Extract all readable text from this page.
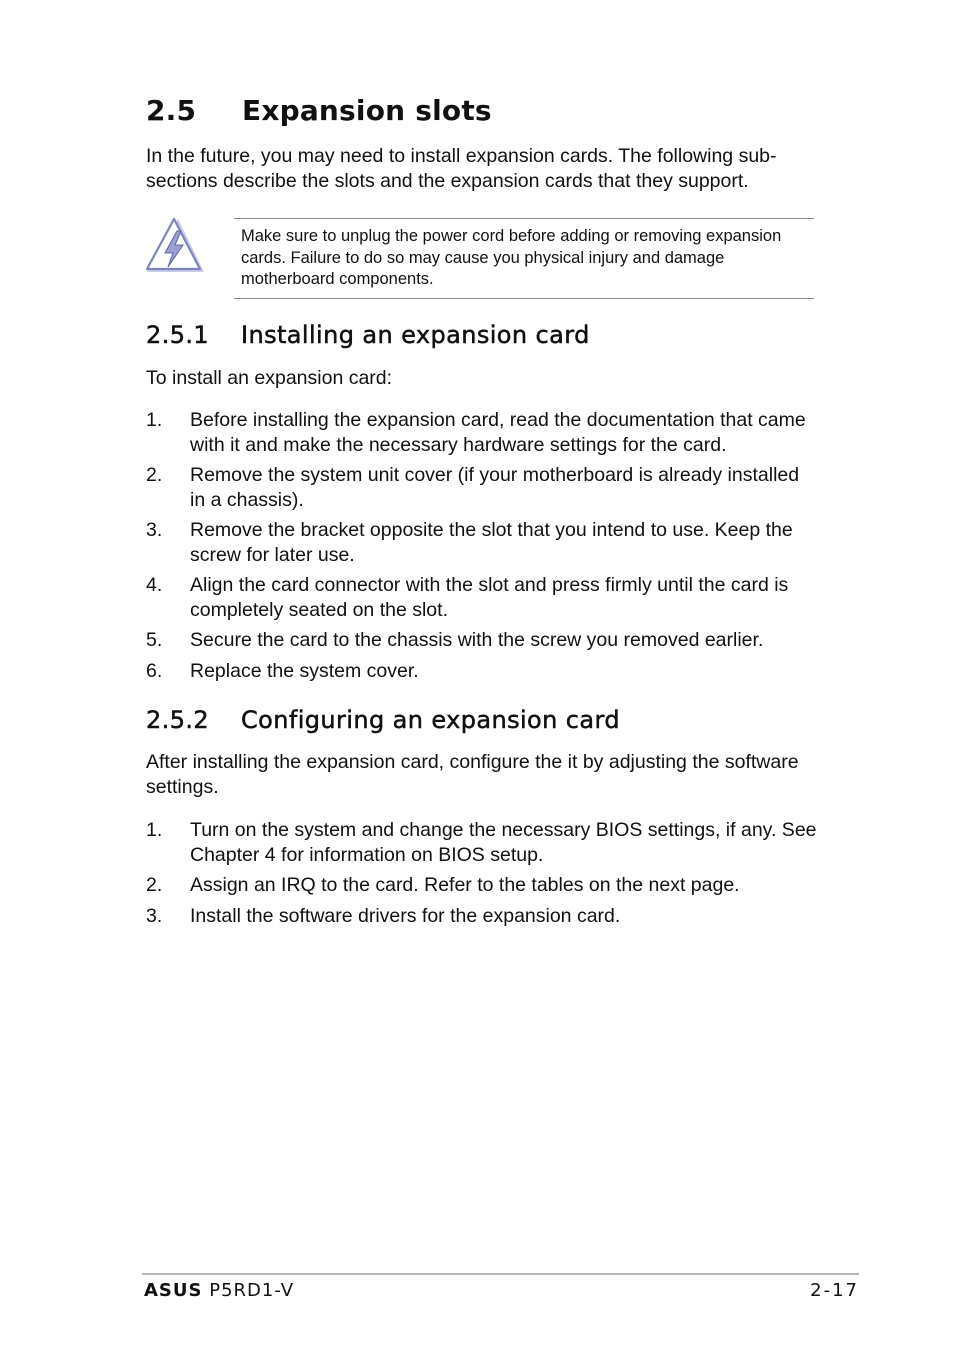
2.5 Expansion slots
In the future, you may need to install expansion cards. The following sub-sections describe the slots and the expansion cards that they support.
Make sure to unplug the power cord before adding or removing expansion cards. Failure to do so may cause you physical injury and damage motherboard components.
2.5.1 Installing an expansion card
To install an expansion card:
1. Before installing the expansion card, read the documentation that came with it and make the necessary hardware settings for the card.
2. Remove the system unit cover (if your motherboard is already installed in a chassis).
3. Remove the bracket opposite the slot that you intend to use. Keep the screw for later use.
4. Align the card connector with the slot and press firmly until the card is completely seated on the slot.
5. Secure the card to the chassis with the screw you removed earlier.
6. Replace the system cover.
2.5.2 Configuring an expansion card
After installing the expansion card, configure the it by adjusting the software settings.
1. Turn on the system and change the necessary BIOS settings, if any. See Chapter 4 for information on BIOS setup.
2. Assign an IRQ to the card. Refer to the tables on the next page.
3. Install the software drivers for the expansion card.
ASUS P5RD1-V	2-17
